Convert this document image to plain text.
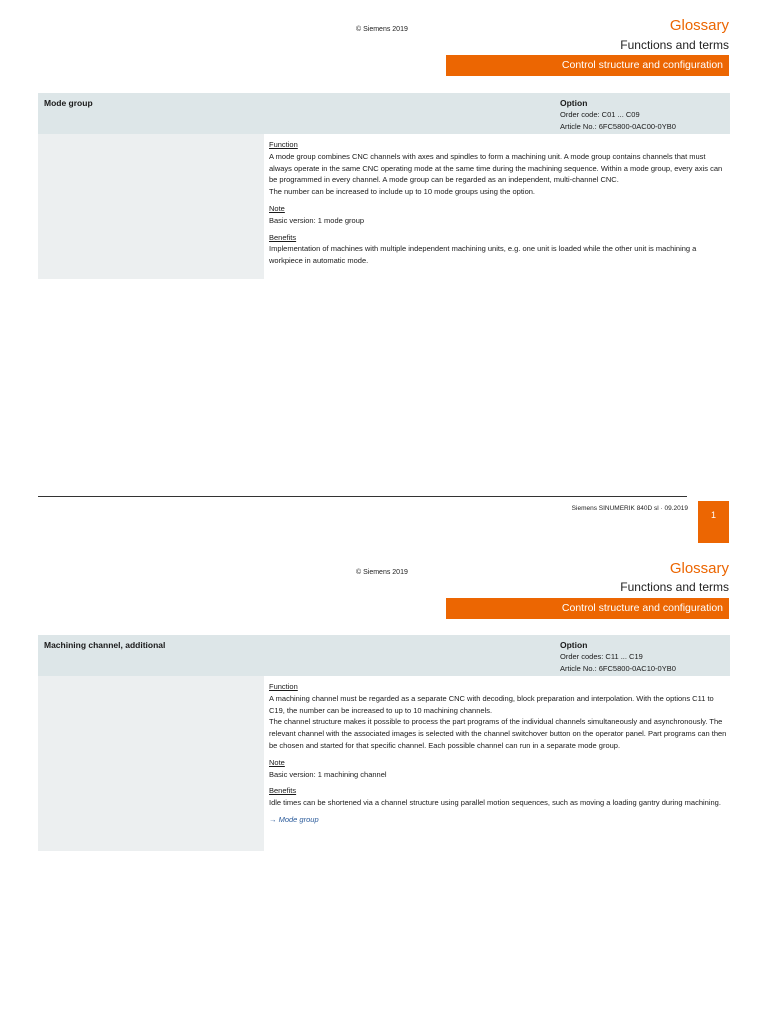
© Siemens 2019	Glossary
Functions and terms
Control structure and configuration
Mode group	Option
Order code: C01 ... C09
Article No.: 6FC5800-0AC00-0YB0
Function

A mode group combines CNC channels with axes and spindles to form a machining unit. A mode group contains channels that must always operate in the same CNC operating mode at the same time during the machining sequence. Within a mode group, every axis can be programmed in every channel. A mode group can be regarded as an independent, multi-channel CNC.

The number can be increased to include up to 10 mode groups using the option.

Note

Basic version: 1 mode group

Benefits

Implementation of machines with multiple independent machining units, e.g. one unit is loaded while the other unit is machining a workpiece in automatic mode.

Siemens SINUMERIK 840D sl · 09.2019
1
© Siemens 2019	Glossary
Functions and terms
Control structure and configuration
Machining channel, additional	Option
Order codes: C11 ... C19
Article No.: 6FC5800-0AC10-0YB0
Function

A machining channel must be regarded as a separate CNC with decoding, block preparation and interpolation. With the options C11 to C19, the number can be increased to up to 10 machining channels.

The channel structure makes it possible to process the part programs of the individual channels simultaneously and asynchronously. The relevant channel with the associated images is selected with the channel switchover button on the operator panel. Part programs can then be chosen and started for that specific channel. Each possible channel can run in a separate mode group.

Note

Basic version: 1 machining channel

Benefits

Idle times can be shortened via a channel structure using parallel motion sequences, such as moving a loading gantry during machining.

→ Mode group
